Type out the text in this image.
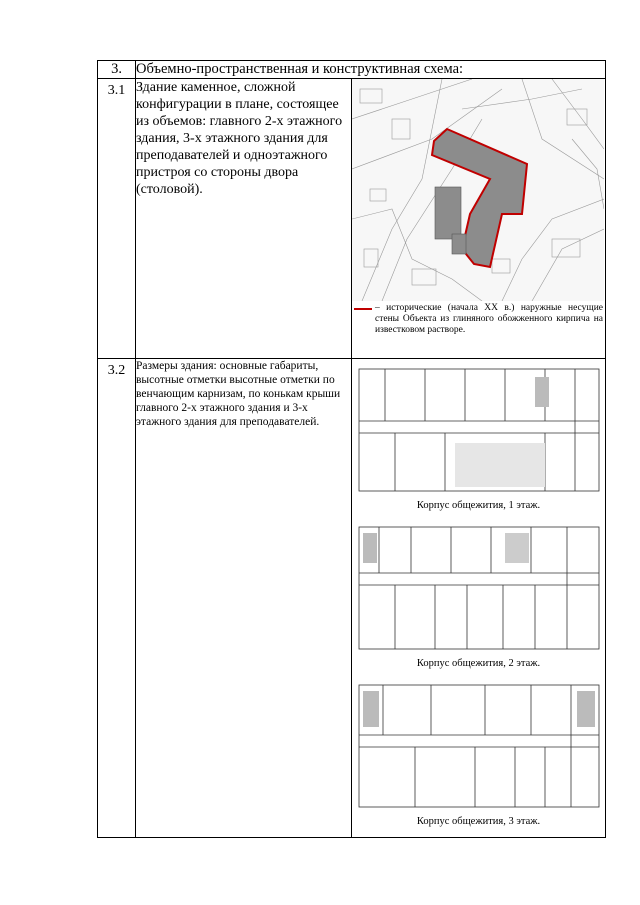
3.	Объемно-пространственная и конструктивная схема:	
3.1	Здание каменное, сложной конфигурации в плане, состоящее из объемов: главного 2-х этажного здания, 3-х этажного здания для преподавателей и одноэтажного пристроя со стороны двора (столовой).	– исторические (начала XX в.) наружные несущие стены Объекта из глиняного обожженного кирпича на известковом растворе.

3.2	Размеры здания: основные габариты, высотные отметки высотные отметки по венчающим карнизам, по конькам крыши главного 2-х этажного здания и 3-х этажного здания для преподавателей.	Корпус общежития, 1 этаж.
Корпус общежития, 2 этаж.
Корпус общежития, 3 этаж.
